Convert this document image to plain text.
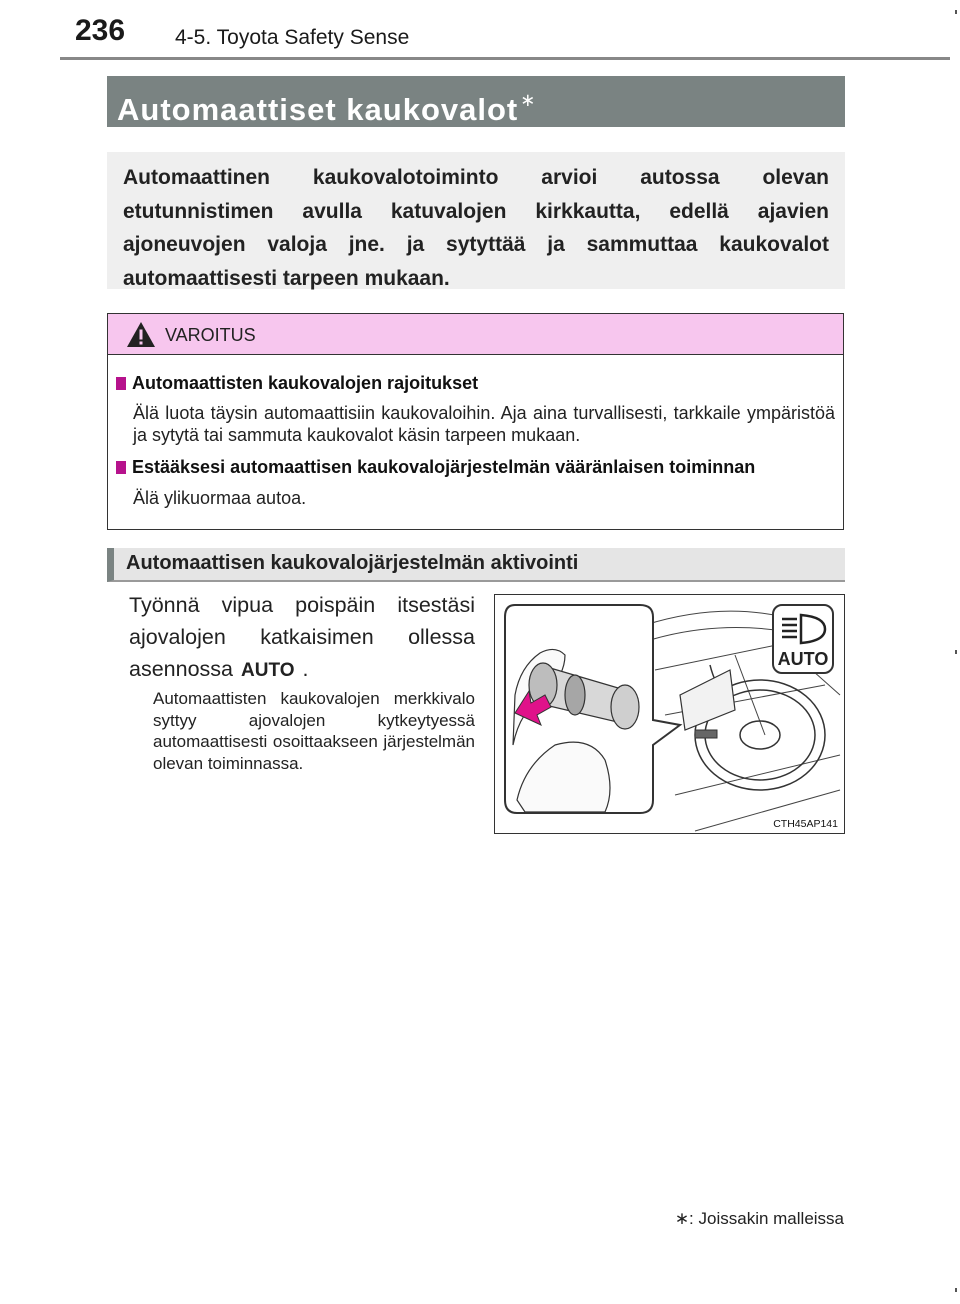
236 4-5. Toyota Safety Sense
Automaattiset kaukovalot ∗
Automaattinen kaukovalotoiminto arvioi autossa olevan etutunnistimen avulla katuvalojen kirkkautta, edellä ajavien ajoneuvojen valoja jne. ja sytyttää ja sammuttaa kaukovalot automaattisesti tarpeen mukaan.
VAROITUS
Automaattisten kaukovalojen rajoitukset
Älä luota täysin automaattisiin kaukovaloihin. Aja aina turvallisesti, tarkkaile ympäristöä ja sytytä tai sammuta kaukovalot käsin tarpeen mukaan.
Estääksesi automaattisen kaukovalojärjestelmän vääränlaisen toiminnan
Älä ylikuormaa autoa.
Automaattisen kaukovalojärjestelmän aktivointi
Työnnä vipua poispäin itsestäsi ajovalojen katkaisimen ollessa asennossa AUTO .
Automaattisten kaukovalojen merkkivalo syttyy ajovalojen kytkeytyessä automaattisesti osoittaakseen järjestelmän olevan toiminnassa.
AUTO
CTH45AP141
∗: Joissakin malleissa
